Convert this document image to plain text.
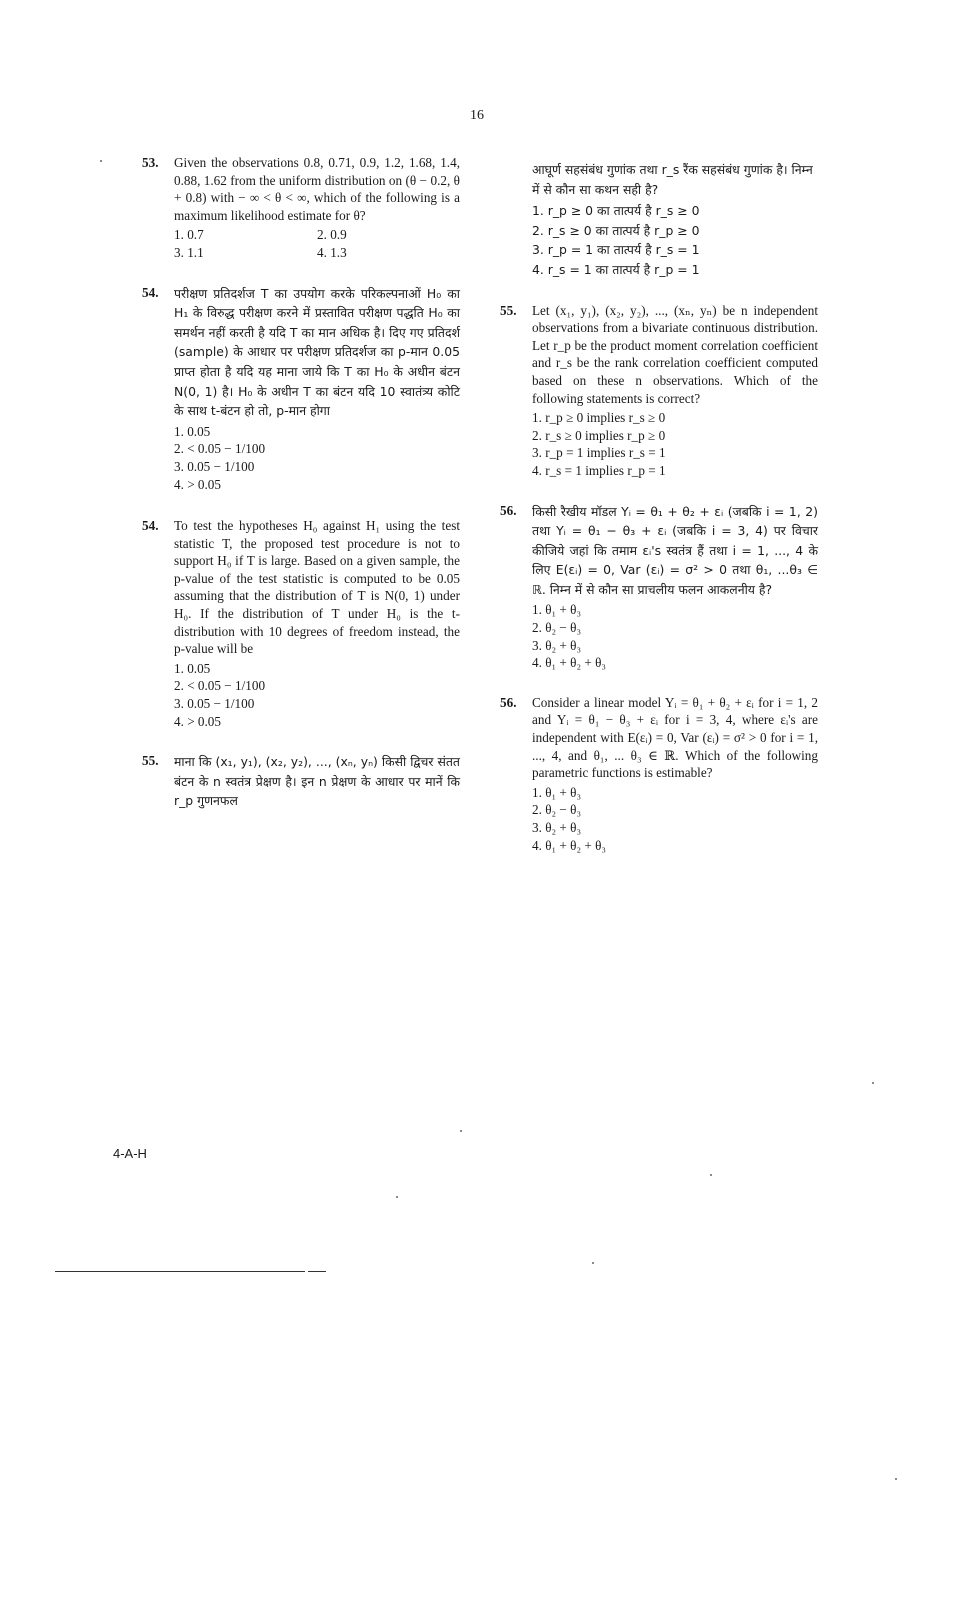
16
53. Given the observations 0.8, 0.71, 0.9, 1.2, 1.68, 1.4, 0.88, 1.62 from the uniform distribution on (θ − 0.2, θ + 0.8) with − ∞ < θ < ∞, which of the following is a maximum likelihood estimate for θ?
1. 0.7	2. 0.9
3. 1.1	4. 1.3
54. परीक्षण प्रतिदर्शज T का उपयोग करके परिकल्पनाओं H₀ का H₁ के विरुद्ध परीक्षण करने में प्रस्तावित परीक्षण पद्धति H₀ का समर्थन नहीं करती है यदि T का मान अधिक है। दिए गए प्रतिदर्श (sample) के आधार पर परीक्षण प्रतिदर्शज का p-मान 0.05 प्राप्त होता है यदि यह माना जाये कि T का H₀ के अधीन बंटन N(0, 1) है। H₀ के अधीन T का बंटन यदि 10 स्वातंत्र्य कोटि के साथ t-बंटन हो तो, p-मान होगा
1. 0.05
2. < 0.05 − 1/100
3. 0.05 − 1/100
4. > 0.05
54. To test the hypotheses H₀ against H₁ using the test statistic T, the proposed test procedure is not to support H₀ if T is large. Based on a given sample, the p-value of the test statistic is computed to be 0.05 assuming that the distribution of T is N(0, 1) under H₀. If the distribution of T under H₀ is the t-distribution with 10 degrees of freedom instead, the p-value will be
1. 0.05
2. < 0.05 − 1/100
3. 0.05 − 1/100
4. > 0.05
55. माना कि (x₁, y₁), (x₂, y₂), ..., (xₙ, yₙ) किसी द्विचर संतत बंटन के n स्वतंत्र प्रेक्षण है। इन n प्रेक्षण के आधार पर मानें कि r_p गुणनफल
आघूर्ण सहसंबंध गुणांक तथा r_s रैंक सहसंबंध गुणांक है। निम्न में से कौन सा कथन सही है?
1. r_p ≥ 0 का तात्पर्य है r_s ≥ 0
2. r_s ≥ 0 का तात्पर्य है r_p ≥ 0
3. r_p = 1 का तात्पर्य है r_s = 1
4. r_s = 1 का तात्पर्य है r_p = 1
55. Let (x₁, y₁), (x₂, y₂), ..., (xₙ, yₙ) be n independent observations from a bivariate continuous distribution. Let r_p be the product moment correlation coefficient and r_s be the rank correlation coefficient computed based on these n observations. Which of the following statements is correct?
1. r_p ≥ 0 implies r_s ≥ 0
2. r_s ≥ 0 implies r_p ≥ 0
3. r_p = 1 implies r_s = 1
4. r_s = 1 implies r_p = 1
56. किसी रैखीय मॉडल Yᵢ = θ₁ + θ₂ + εᵢ (जबकि i = 1, 2) तथा Yᵢ = θ₁ − θ₃ + εᵢ (जबकि i = 3, 4) पर विचार कीजिये जहां कि तमाम εᵢ's स्वतंत्र हैं तथा i = 1, ..., 4 के लिए E(εᵢ) = 0, Var (εᵢ) = σ² > 0 तथा θ₁, ...θ₃ ∈ ℝ. निम्न में से कौन सा प्राचलीय फलन आकलनीय है?
1. θ₁ + θ₃
2. θ₂ − θ₃
3. θ₂ + θ₃
4. θ₁ + θ₂ + θ₃
56. Consider a linear model Yᵢ = θ₁ + θ₂ + εᵢ for i = 1, 2 and Yᵢ = θ₁ − θ₃ + εᵢ for i = 3, 4, where εᵢ's are independent with E(εᵢ) = 0, Var (εᵢ) = σ² > 0 for i = 1, ..., 4, and θ₁, ... θ₃ ∈ ℝ. Which of the following parametric functions is estimable?
1. θ₁ + θ₃
2. θ₂ − θ₃
3. θ₂ + θ₃
4. θ₁ + θ₂ + θ₃
4-A-H
